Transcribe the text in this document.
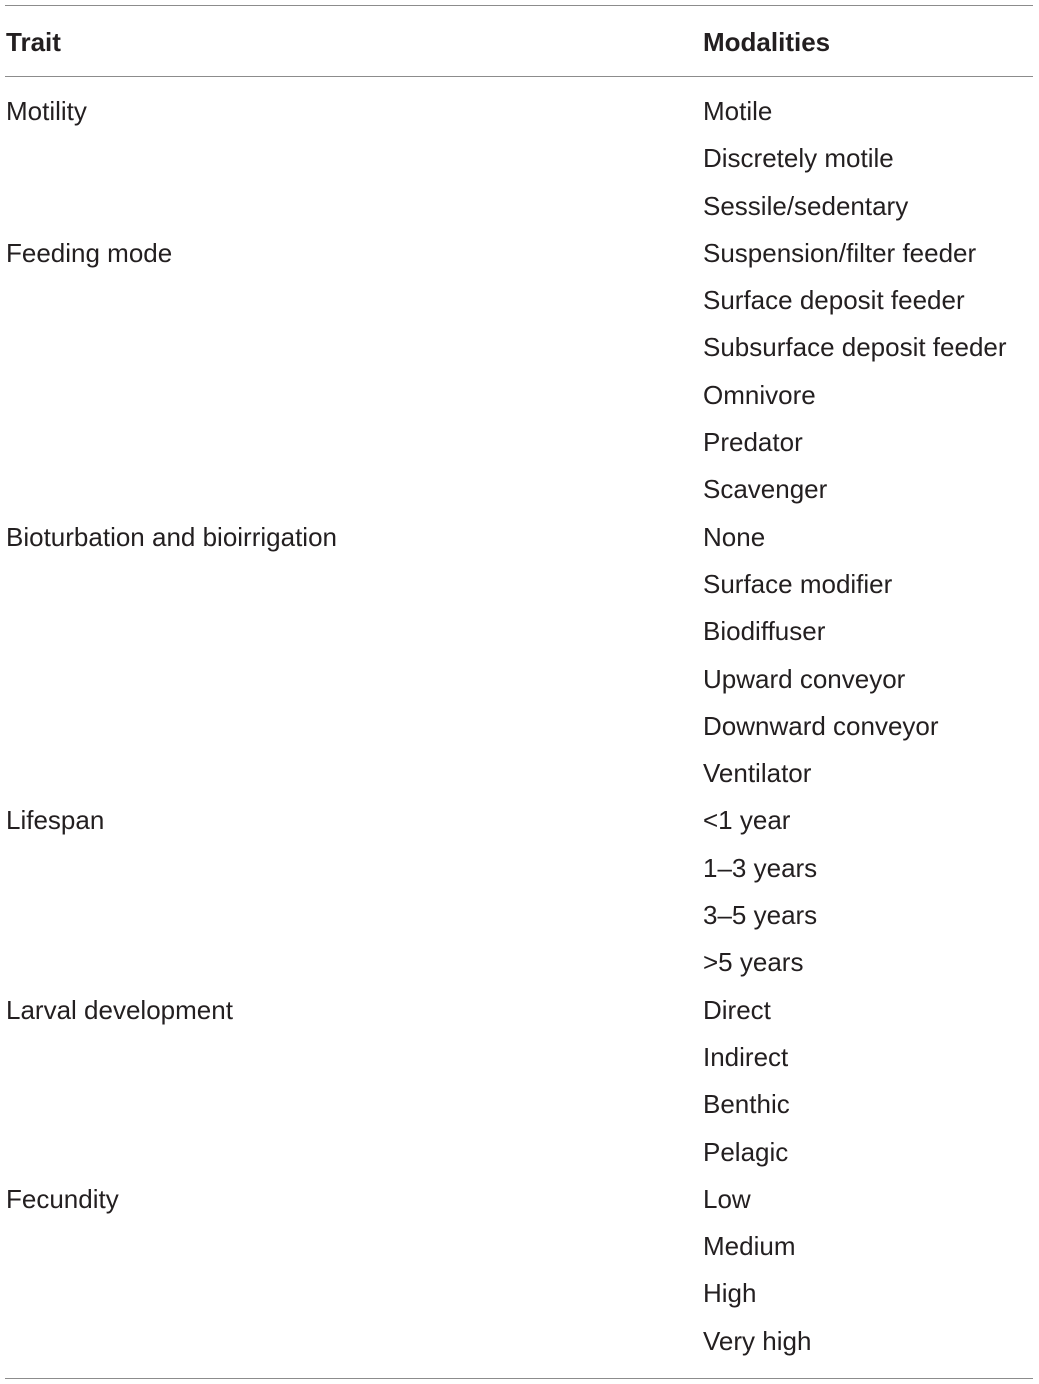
Trait	Modalities
Motility	Motile
Discretely motile
Sessile/sedentary
Feeding mode	Suspension/filter feeder
Surface deposit feeder
Subsurface deposit feeder
Omnivore
Predator
Scavenger
Bioturbation and bioirrigation	None
Surface modifier
Biodiffuser
Upward conveyor
Downward conveyor
Ventilator
Lifespan	<1 year
1–3 years
3–5 years
>5 years
Larval development	Direct
Indirect
Benthic
Pelagic
Fecundity	Low
Medium
High
Very high
